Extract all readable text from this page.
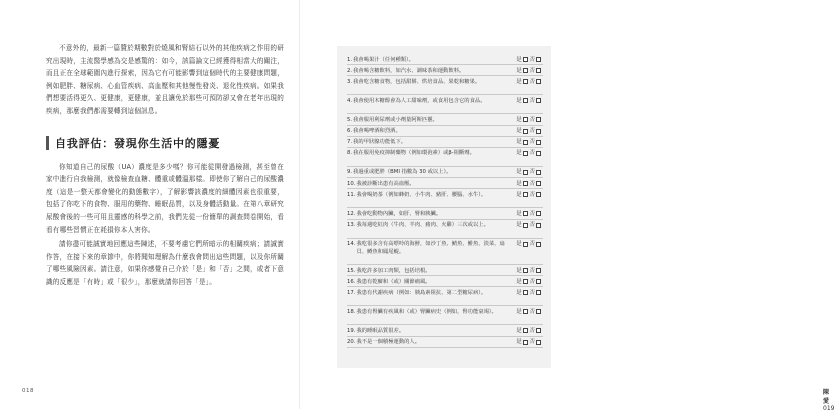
不意外的，最新一篇贊於期數對於燒風和腎結石以外的其他疾病之作用的研究出現時，主流醫學感為交是感驚的：如今，該篇論文已經獲得相當大的關注，而且正在全球範圍內進行探索，因為它有可能影響到這個時代的主要健康問題，例如肥胖、糖尿病、心血管疾病、高血壓和其他慢性發炎、退化性疾病。如果我們想要活得更久、更健康，更健康，並且讓免於那些可預防卻又會在老年出現的疾病，那麼我們都需要轉到這個訊息。

自我評估：發現你生活中的隱憂

你知道自己的尿酸（UA）濃度是多少嗎？你可能從開發過檢測，甚至曾在家中進行自我檢測，就像檢查血糖、體重或體溫那樣。即使你了解自己的尿酸濃度（這是一整天都會變化的動態數字），了解影響該濃度的細體因素也很重要，包括了你吃下的食物、服用的藥物、睡眠品質，以及身體活動量。在第八章研究尿酸會後的一些可用且靈感的科學之前，我們先從一份簡單的調查問卷開始，看看有哪些習慣正在耗損你本人害你。

請你盡可能誠實地回應這些陳述，不要考慮它們所暗示的相關疾病；請誠實作答，在接下來的章節中，你將聞知理解為什麼我會問出這些問題，以及你所關了哪些風險因素。請注意，如果你感覺自己介於「是」和「否」之間，或者下意識的反應是「有時」或「很少」，那麼就請你回答「是」。

018
1. 我會喝果汁（任何種類）。	是 否
2. 我會喝含糖飲料，如汽水、調味茶和運動飲料。	是 否
3. 我會吃含糖食物，包括甜餅、烘培食品、果乾和糖果。	是 否
4. 我會使用木糖醇會為人工甜味劑，或食用包含它的食品。	是 否
5. 我會服用利尿劑或小劑量阿斯匹靈。	是 否
6. 我會喝啤酒和烈酒。	是 否
7. 我的甲狀腺功能低下。	是 否
8. 我在服用免疫抑制藥物（例如環孢素）或β-阻斷劑。	是 否
9. 我過重或肥胖（BMI 指數為 30 或以上）。	是 否
10. 我被診斷出患有高血壓。	是 否
11. 我會喝奶茶（例如蜂奶、小牛肉、豬肝、腰腦、水牛）。	是 否
12. 我會吃動物內臟，如肝、腎和胰臟。	是 否
13. 我每週吃紅肉（牛肉、羊肉、豬肉、火雞）三次或以上。	是 否
14. 我吃很多含有高嘌呤的海鮮，如沙丁魚、鯖魚、鯡魚、淡菜、扇貝、鱒魚和鳳尾鯷。
是 否
15. 我吃許多加工肉類，包括培根。	是 否
16. 我患有乾癬和（或）關節痛風。	是 否
17. 我患有代謝疾病（例如：胰島素阻抗、第二型糖尿病）。	是 否
18. 我患有腎臟有疾風和（或）腎臟病史（例如，腎功能衰竭）。	是 否
19. 我的睡眠品質很差。	是 否
20. 我不是一個積極運動的人。	是 否
陳愛 019
